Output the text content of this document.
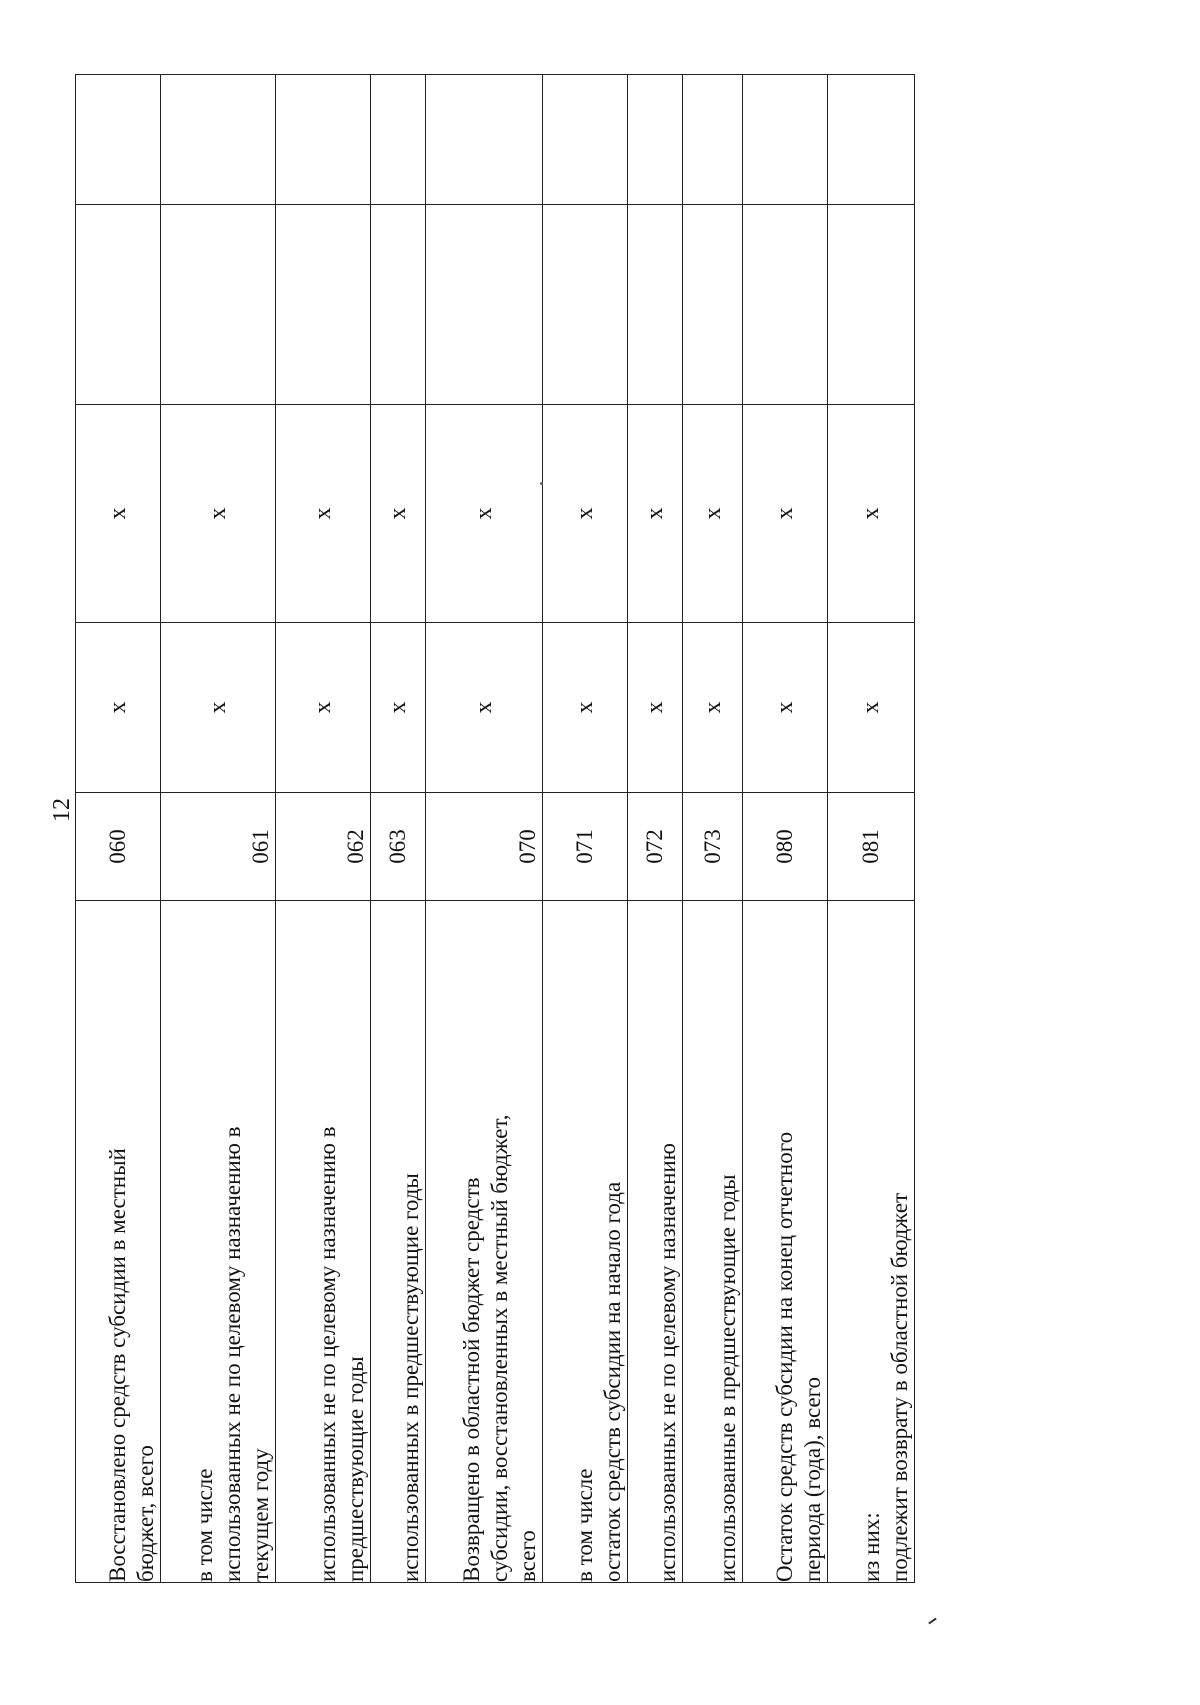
12
Восстановлено средств субсидии в местный бюджет, всего	060	х	х		

в том числе использованных не по целевому назначению в текущем году	061	х	х		

использованных не по целевому назначению в предшествующие годы	062	х	х		

использованных в предшествующие годы	063	х	х		

Возвращено в областной бюджет средств субсидии, восстановленных в местный бюджет, всего	070	х	х		

в том числе остаток средств субсидии на начало года	071	х	х		

использованных не по целевому назначению	072	х	х		

использованные в предшествующие годы	073	х	х		

Остаток средств субсидии на конец отчетного периода (года), всего	080	х	х		

из них: подлежит возврату в областной бюджет	081	х	х		
